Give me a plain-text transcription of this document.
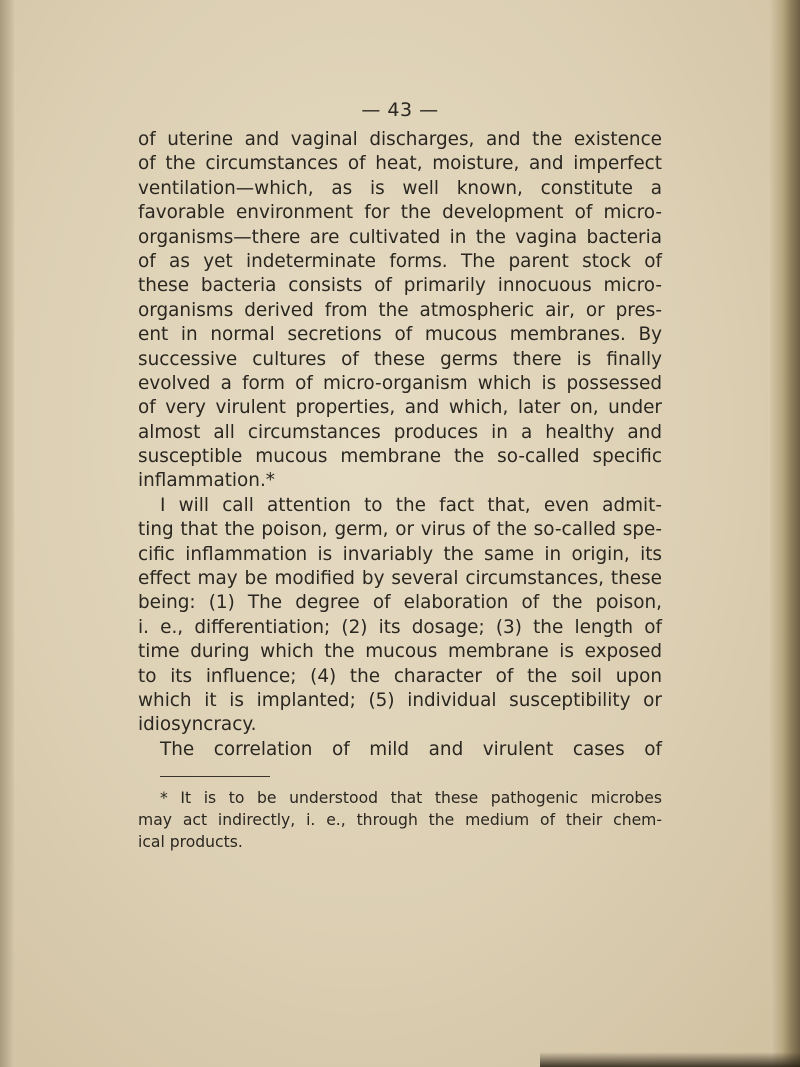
— 43 —
of uterine and vaginal discharges, and the existence
of the circumstances of heat, moisture, and imperfect
ventilation—which, as is well known, constitute a
favorable environment for the development of micro-
organisms—there are cultivated in the vagina bacteria
of as yet indeterminate forms. The parent stock of
these bacteria consists of primarily innocuous micro-
organisms derived from the atmospheric air, or pres-
ent in normal secretions of mucous membranes. By
successive cultures of these germs there is finally
evolved a form of micro-organism which is possessed
of very virulent properties, and which, later on, under
almost all circumstances produces in a healthy and
susceptible mucous membrane the so-called specific
inflammation.*
I will call attention to the fact that, even admit-
ting that the poison, germ, or virus of the so-called spe-
cific inflammation is invariably the same in origin, its
effect may be modified by several circumstances, these
being: (1) The degree of elaboration of the poison,
i. e., differentiation; (2) its dosage; (3) the length of
time during which the mucous membrane is exposed
to its influence; (4) the character of the soil upon
which it is implanted; (5) individual susceptibility or
idiosyncracy.
The correlation of mild and virulent cases of
* It is to be understood that these pathogenic microbes
may act indirectly, i. e., through the medium of their chem-
ical products.
